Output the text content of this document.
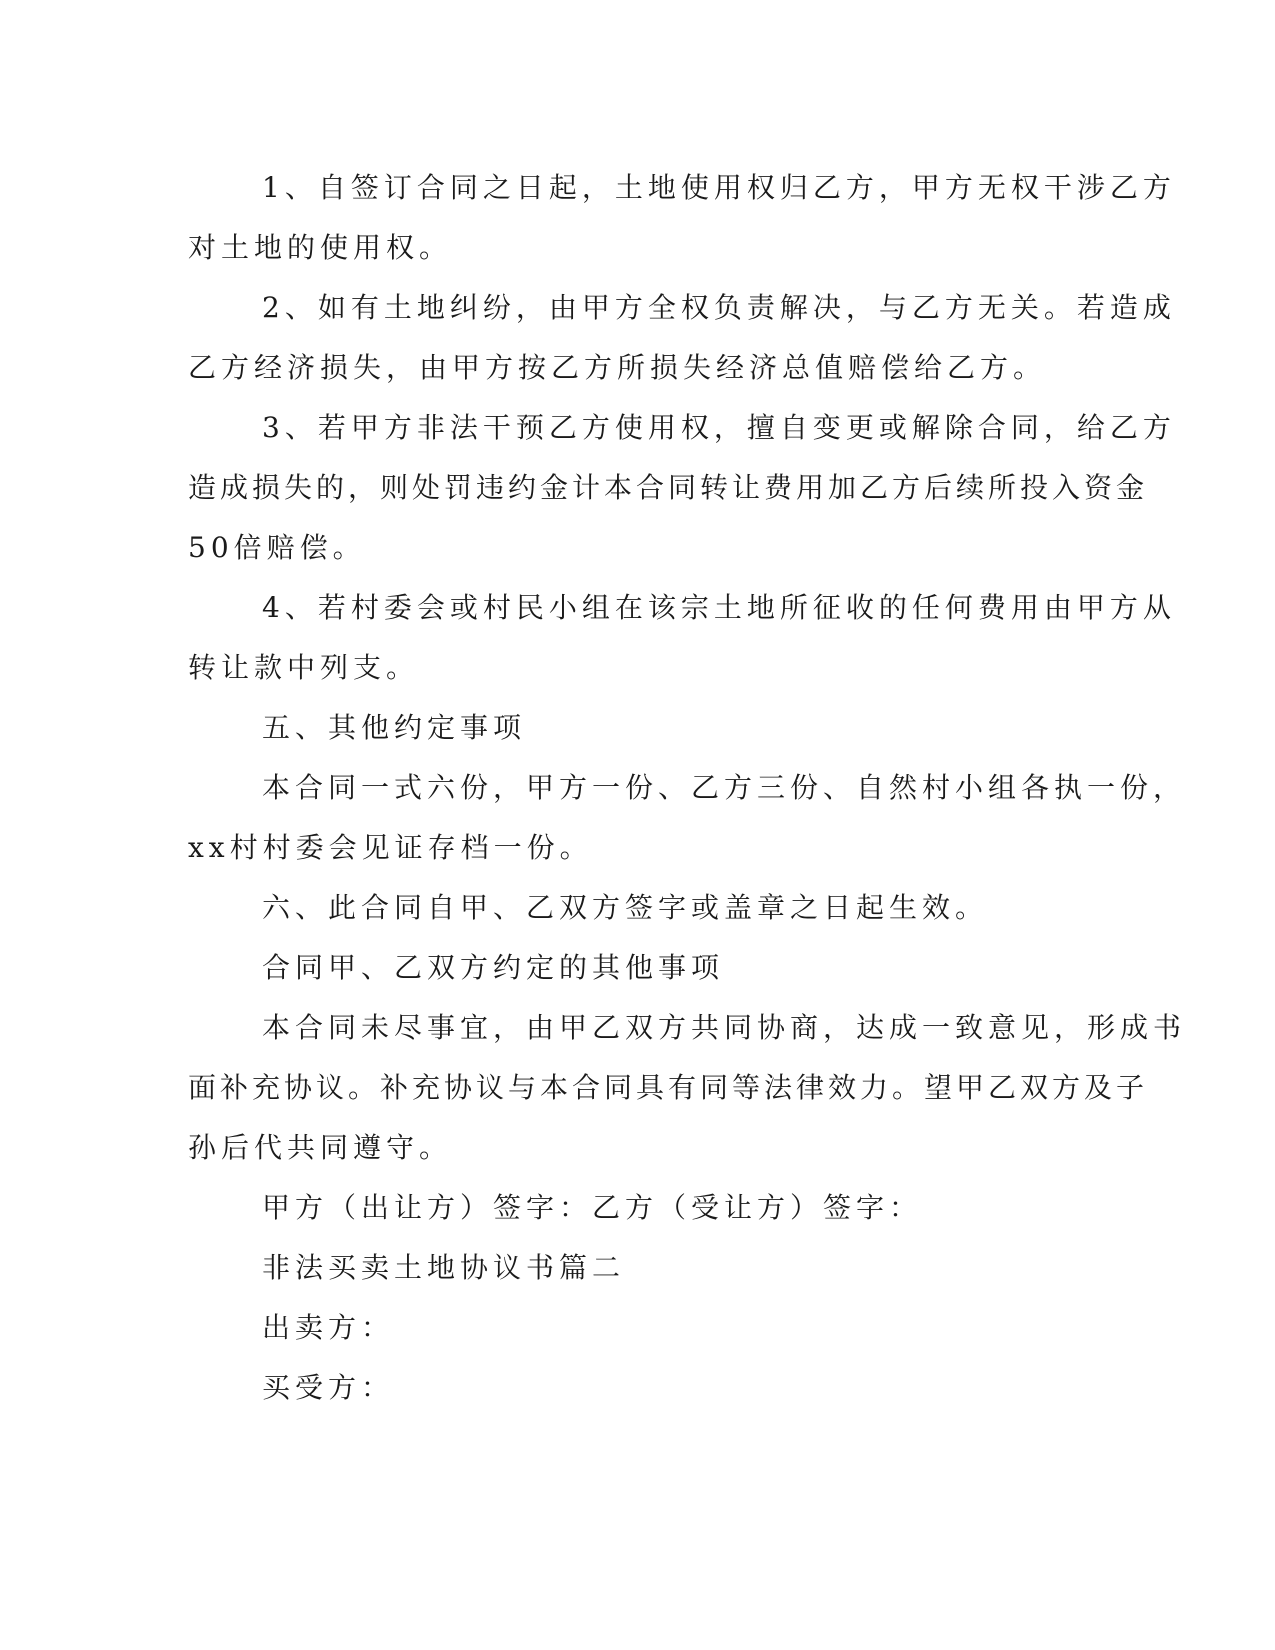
1、自签订合同之日起，土地使用权归乙方，甲方无权干涉乙方
对土地的使用权。
2、如有土地纠纷，由甲方全权负责解决，与乙方无关。若造成
乙方经济损失，由甲方按乙方所损失经济总值赔偿给乙方。
3、若甲方非法干预乙方使用权，擅自变更或解除合同，给乙方
造成损失的，则处罚违约金计本合同转让费用加乙方后续所投入资金
50倍赔偿。
4、若村委会或村民小组在该宗土地所征收的任何费用由甲方从
转让款中列支。
五、其他约定事项
本合同一式六份，甲方一份、乙方三份、自然村小组各执一份，
xx村村委会见证存档一份。
六、此合同自甲、乙双方签字或盖章之日起生效。
合同甲、乙双方约定的其他事项
本合同未尽事宜，由甲乙双方共同协商，达成一致意见，形成书
面补充协议。补充协议与本合同具有同等法律效力。望甲乙双方及子
孙后代共同遵守。
甲方（出让方）签字：乙方（受让方）签字：
非法买卖土地协议书篇二
出卖方：
买受方：
